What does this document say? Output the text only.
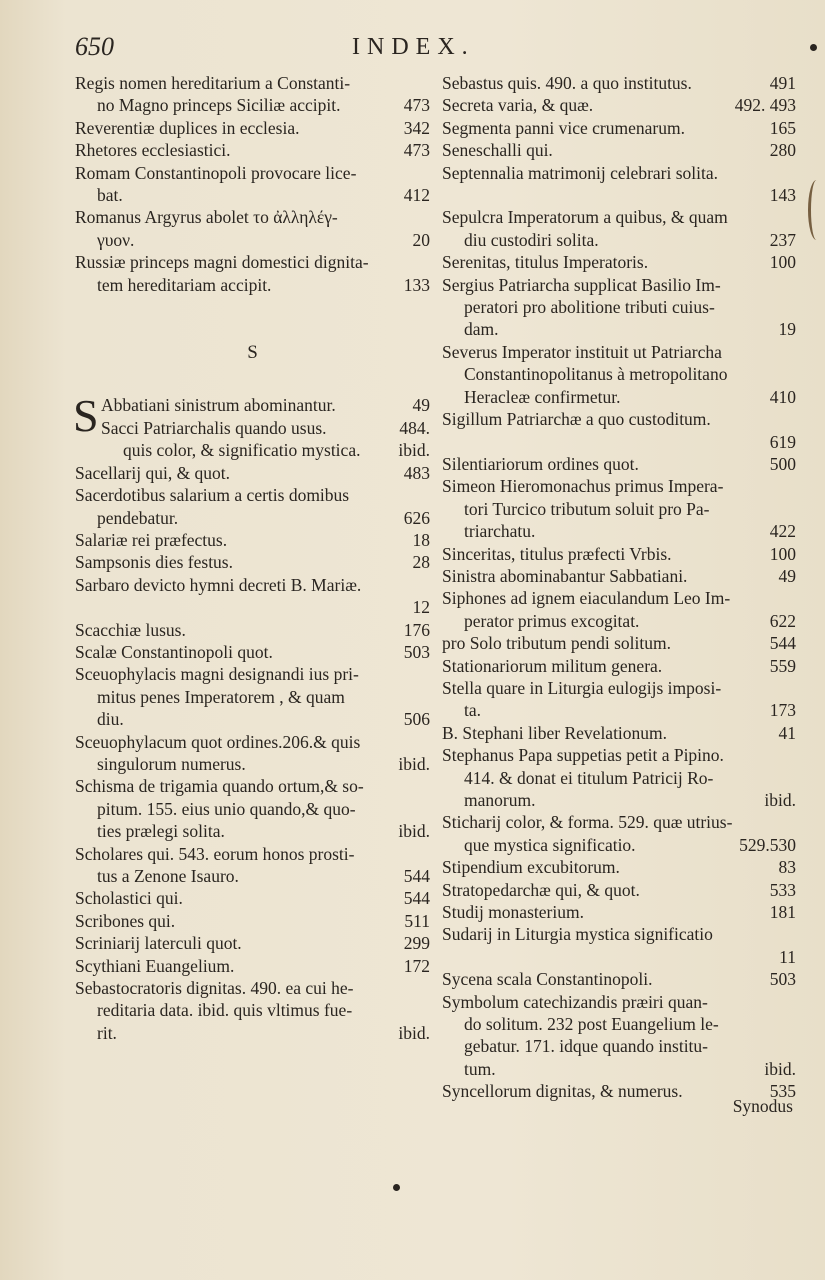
650	INDEX.
Regis nomen hereditarium a Constanti-
no Magno princeps Siciliæ accipit.	473
Reverentiæ duplices in ecclesia.	342
Rhetores ecclesiastici.	473
Romam Constantinopoli provocare lice-
bat.	412
Romanus Argyrus abolet το ἀλληλέγ-
γυον.	20
Russiæ princeps magni domestici dignita-
tem hereditariam accipit.	133
S
S Abbatiani sinistrum abominantur.	49
Sacci Patriarchalis quando usus.	484.
quis color, & significatio mystica. ibid.
Sacellarij qui, & quot.	483
Sacerdotibus salarium a certis domibus
pendebatur.	626
Salariæ rei præfectus.	18
Sampsonis dies festus.	28
Sarbaro devicto hymni decreti B. Mariæ.
12
Scacchiæ lusus.	176
Scalæ Constantinopoli quot.	503
Sceuophylacis magni designandi ius pri-
mitus penes Imperatorem , & quam
diu.	506
Sceuophylacum quot ordines.206.& quis
singulorum numerus.	ibid.
Schisma de trigamia quando ortum,& so-
pitum. 155. eius unio quando,& quo-
ties prælegi solita.	ibid.
Scholares qui. 543. eorum honos prosti-
tus a Zenone Isauro.	544
Scholastici qui.	544
Scribones qui.	511
Scriniarij laterculi quot.	299
Scythiani Euangelium.	172
Sebastocratoris dignitas. 490. ea cui he-
reditaria data. ibid. quis vltimus fue-
rit.	ibid.
Sebastus quis. 490. a quo institutus.	491
Secreta varia, & quæ.	492. 493
Segmenta panni vice crumenarum.	165
Seneschalli qui.	280
Septennalia matrimonij celebrari solita.
143
Sepulcra Imperatorum a quibus, & quam
diu custodiri solita.	237
Serenitas, titulus Imperatoris.	100
Sergius Patriarcha supplicat Basilio Im-
peratori pro abolitione tributi cuius-
dam.	19
Severus Imperator instituit ut Patriarcha
Constantinopolitanus à metropolitano
Heracleæ confirmetur.	410
Sigillum Patriarchæ a quo custoditum.
619
Silentiariorum ordines quot.	500
Simeon Hieromonachus primus Impera-
tori Turcico tributum soluit pro Pa-
triarchatu.	422
Sinceritas, titulus præfecti Vrbis.	100
Sinistra abominabantur Sabbatiani.	49
Siphones ad ignem eiaculandum Leo Im-
perator primus excogitat.	622
pro Solo tributum pendi solitum.	544
Stationariorum militum genera.	559
Stella quare in Liturgia eulogijs imposi-
ta.	173
B. Stephani liber Revelationum.	41
Stephanus Papa suppetias petit a Pipino.
414. & donat ei titulum Patricij Ro-
manorum.	ibid.
Sticharij color, & forma. 529. quæ utrius-
que mystica significatio.	529.530
Stipendium excubitorum.	83
Stratopedarchæ qui, & quot.	533
Studij monasterium.	181
Sudarij in Liturgia mystica significatio
11
Sycena scala Constantinopoli.	503
Symbolum catechizandis præiri quan-
do solitum. 232 post Euangelium le-
gebatur. 171. idque quando institu-
tum.	ibid.
Syncellorum dignitas, & numerus.	535
Synodus
